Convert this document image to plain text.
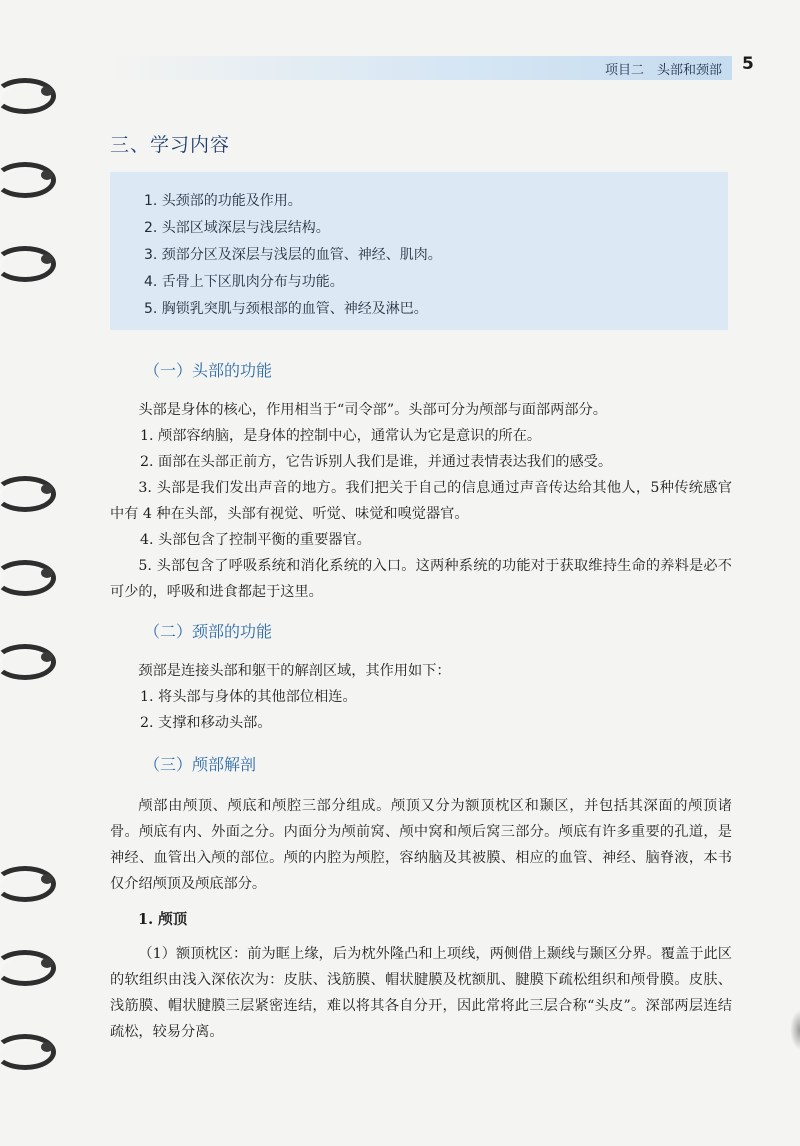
项目二　头部和颈部 5
三、学习内容
1. 头颈部的功能及作用。
2. 头部区域深层与浅层结构。
3. 颈部分区及深层与浅层的血管、神经、肌肉。
4. 舌骨上下区肌肉分布与功能。
5. 胸锁乳突肌与颈根部的血管、神经及淋巴。
（一）头部的功能
头部是身体的核心，作用相当于“司令部”。头部可分为颅部与面部两部分。
1. 颅部容纳脑，是身体的控制中心，通常认为它是意识的所在。
2. 面部在头部正前方，它告诉别人我们是谁，并通过表情表达我们的感受。
3. 头部是我们发出声音的地方。我们把关于自己的信息通过声音传达给其他人，5种传统感官中有 4 种在头部，头部有视觉、听觉、味觉和嗅觉器官。
4. 头部包含了控制平衡的重要器官。
5. 头部包含了呼吸系统和消化系统的入口。这两种系统的功能对于获取维持生命的养料是必不可少的，呼吸和进食都起于这里。
（二）颈部的功能
颈部是连接头部和躯干的解剖区域，其作用如下：
1. 将头部与身体的其他部位相连。
2. 支撑和移动头部。
（三）颅部解剖
颅部由颅顶、颅底和颅腔三部分组成。颅顶又分为额顶枕区和颞区，并包括其深面的颅顶诸骨。颅底有内、外面之分。内面分为颅前窝、颅中窝和颅后窝三部分。颅底有许多重要的孔道，是神经、血管出入颅的部位。颅的内腔为颅腔，容纳脑及其被膜、相应的血管、神经、脑脊液，本书仅介绍颅顶及颅底部分。
1. 颅顶
（1）额顶枕区：前为眶上缘，后为枕外隆凸和上项线，两侧借上颞线与颞区分界。覆盖于此区的软组织由浅入深依次为：皮肤、浅筋膜、帽状腱膜及枕额肌、腱膜下疏松组织和颅骨膜。皮肤、浅筋膜、帽状腱膜三层紧密连结，难以将其各自分开，因此常将此三层合称“头皮”。深部两层连结疏松，较易分离。
